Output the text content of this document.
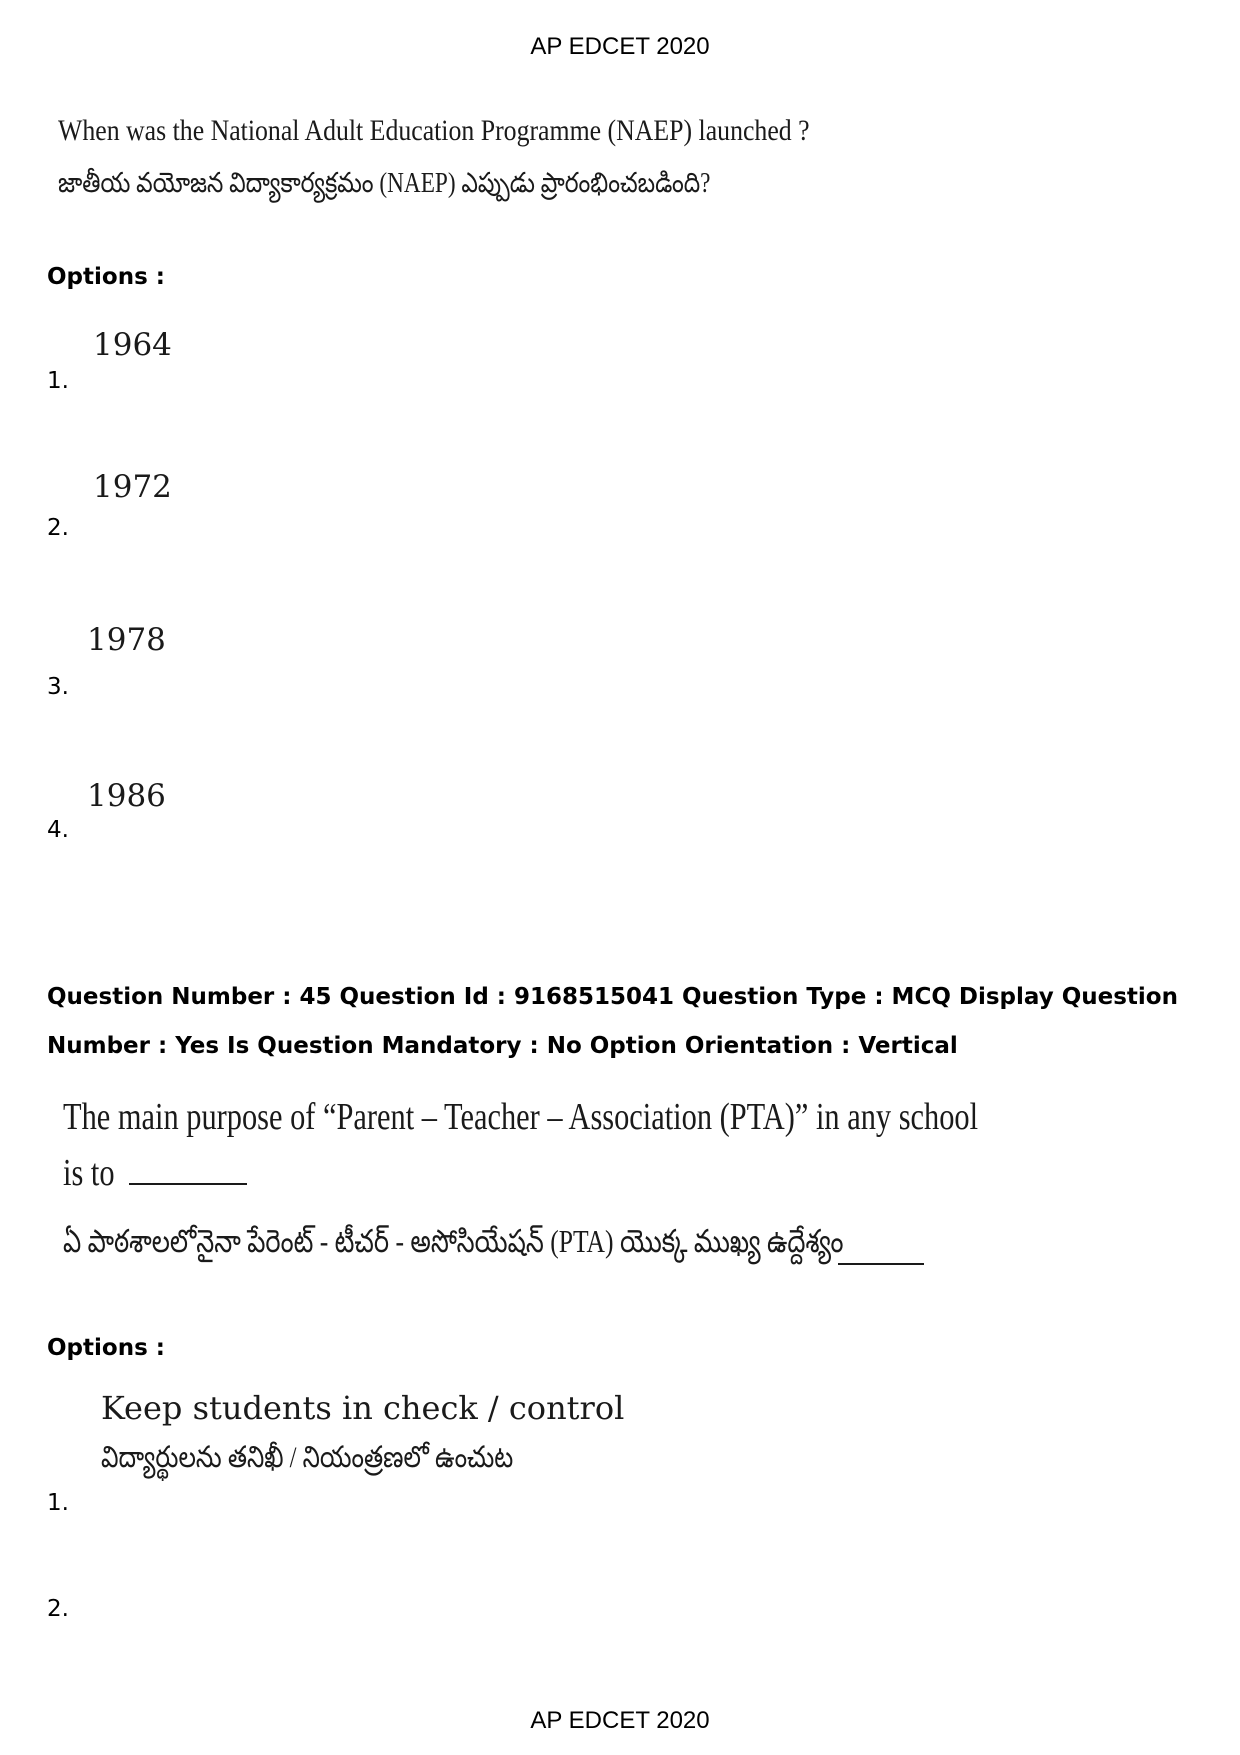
AP EDCET 2020
When was the National Adult Education Programme (NAEP) launched ?
జాతీయ వయోజన విద్యాకార్యక్రమం (NAEP) ఎప్పుడు ప్రారంభించబడింది?
Options :
1964
1.
1972
2.
1978
3.
1986
4.
Question Number : 45 Question Id : 9168515041 Question Type : MCQ Display Question
Number : Yes Is Question Mandatory : No Option Orientation : Vertical
The main purpose of “Parent – Teacher – Association (PTA)” in any school
is to
ఏ పాఠశాలలోనైనా పేరెంట్ - టీచర్ - అసోసియేషన్ (PTA) యొక్క ముఖ్య ఉద్దేశ్యం
Options :
Keep students in check / control
విద్యార్థులను తనిఖీ / నియంత్రణలో ఉంచుట
1.
2.
AP EDCET 2020
